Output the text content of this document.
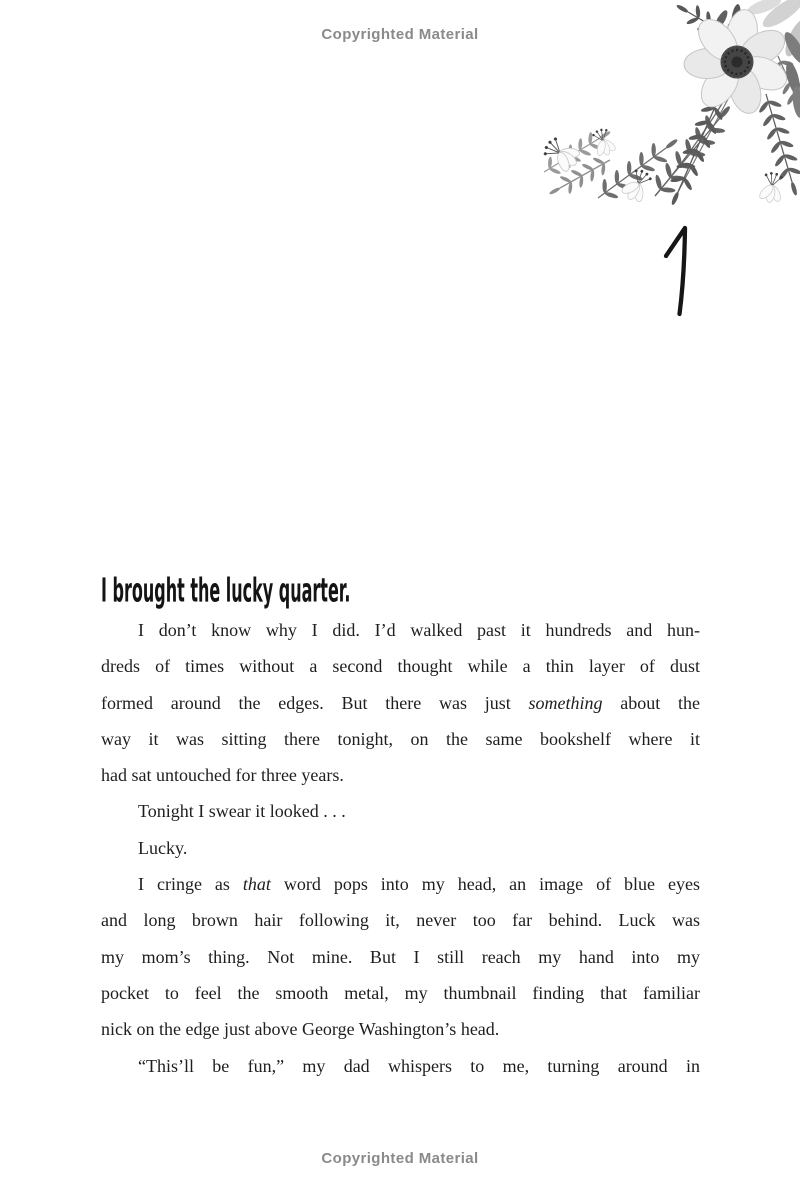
Copyrighted Material
I brought the lucky quarter.
I don’t know why I did. I’d walked past it hundreds and hun-
dreds of times without a second thought while a thin layer of dust
formed around the edges. But there was just something about the
way it was sitting there tonight, on the same bookshelf where it
had sat untouched for three years.
Tonight I swear it looked . . .
Lucky.
I cringe as that word pops into my head, an image of blue eyes
and long brown hair following it, never too far behind. Luck was
my mom’s thing. Not mine. But I still reach my hand into my
pocket to feel the smooth metal, my thumbnail finding that familiar
nick on the edge just above George Washington’s head.
“This’ll be fun,” my dad whispers to me, turning around in
Copyrighted Material
